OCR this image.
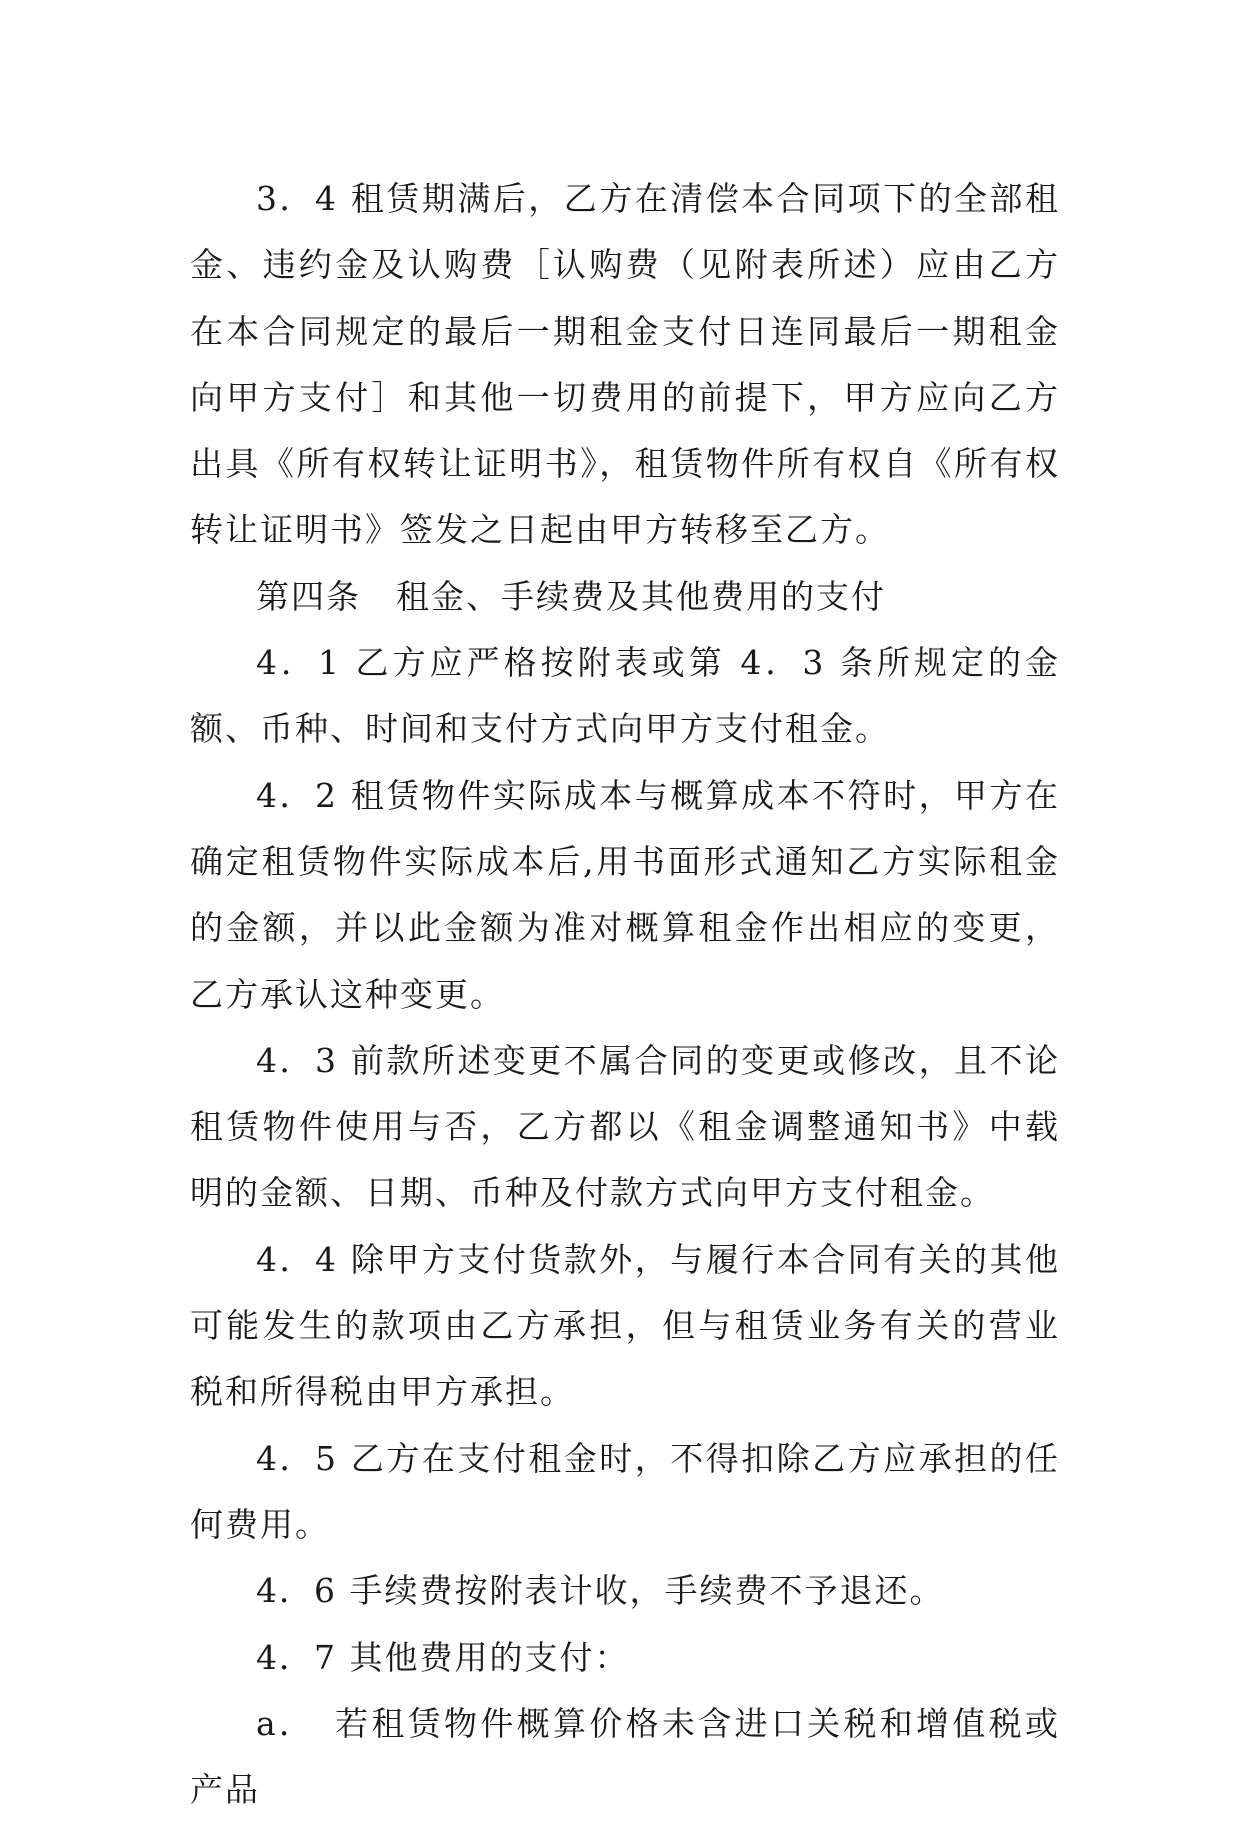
3．4 租赁期满后，乙方在清偿本合同项下的全部租金、违约金及认购费［认购费（见附表所述）应由乙方在本合同规定的最后一期租金支付日连同最后一期租金向甲方支付］和其他一切费用的前提下，甲方应向乙方出具《所有权转让证明书》，租赁物件所有权自《所有权转让证明书》签发之日起由甲方转移至乙方。

第四条　租金、手续费及其他费用的支付

4．1 乙方应严格按附表或第 4．3 条所规定的金额、币种、时间和支付方式向甲方支付租金。

4．2 租赁物件实际成本与概算成本不符时，甲方在确定租赁物件实际成本后,用书面形式通知乙方实际租金的金额，并以此金额为准对概算租金作出相应的变更，乙方承认这种变更。

4．3 前款所述变更不属合同的变更或修改，且不论租赁物件使用与否，乙方都以《租金调整通知书》中载明的金额、日期、币种及付款方式向甲方支付租金。

4．4 除甲方支付货款外，与履行本合同有关的其他可能发生的款项由乙方承担，但与租赁业务有关的营业税和所得税由甲方承担。

4．5 乙方在支付租金时，不得扣除乙方应承担的任何费用。

4．6 手续费按附表计收，手续费不予退还。

4．7 其他费用的支付：

a．　若租赁物件概算价格未含进口关税和增值税或产品
